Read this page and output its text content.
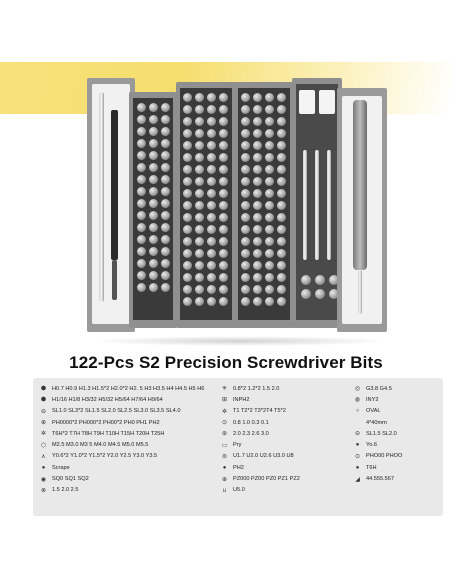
122-Pcs S2 Precision Screwdriver Bits
⬢	H0.7 H0.9 H1.3 H1.5*2 H2.0*2 H2. 5 H3 H3.5 H4 H4.5 H5 H6
⬢	H1/16 H1/8 H3/32 H5/32 H5/64 H7/64 H9/64
⊖	SL1.0 SL3*2 SL1.5 SL2.0 SL2.5 SL3.0 SL3.5 SL4.0
⊕	PH0000*2 PH000*2 PH00*2 PH0 PH1 PH2
✲	T6H*2 T7H T8H T9H T10H T15H T20H T25H
⬡	M2.5 M3.0 M3 5 M4.0 M4.5 M5.0 M5.5
⋏	Y0.6*2 Y1.0*2 Y1.5*2 Y2.0 Y2.5 Y3.0 Y3.5
●	Scrape
◉	SQ0 SQ1 SQ2
⊗	1.5 2.0 2.5
✳	0.8*2 1.2*2 1.5 2.0
⊞	INPH2
✲	T1 T2*2 T3*2T4 T5*2
⊙	0.8 1.0 0.3 0.1
⊛	2.0 2.3 2.6 3.0
▭ Pry
⊜	U1.7 U2.0 U2.6 U3.0 U8
●	PH2
⊕	PZ000 PZ00 PZ0 PZ1 PZ2
∪	U5.0
◎	G3.8 G4.5
◍	INY2
○	OVAL
4*40mm
⊖	SL1.5 SL2.0
●	Yo.6
⊙	PHO00 PHOO
●	T6H
◢	44.555.567
